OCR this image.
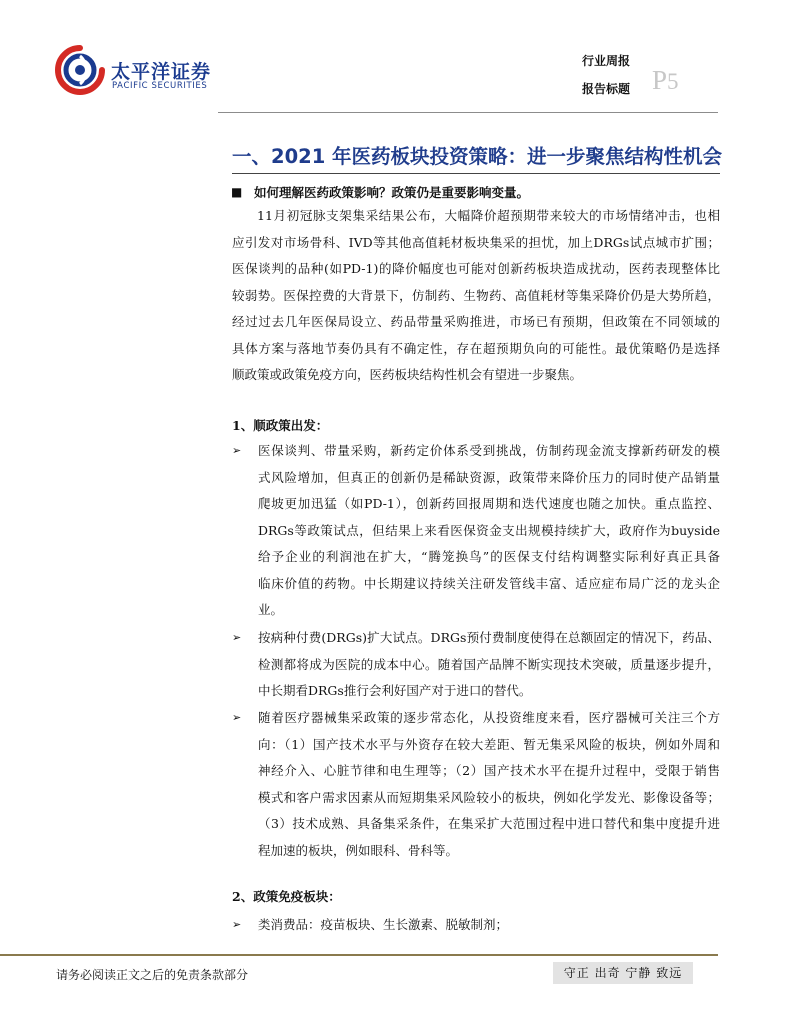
太平洋证券
PACIFIC SECURITIES
行业周报
报告标题 P5
一、2021 年医药板块投资策略：进一步聚焦结构性机会
■ 如何理解医药政策影响？政策仍是重要影响变量。
11月初冠脉支架集采结果公布，大幅降价超预期带来较大的市场情绪冲击，也相
应引发对市场骨科、IVD等其他高值耗材板块集采的担忧，加上DRGs试点城市扩围；
医保谈判的品种(如PD-1)的降价幅度也可能对创新药板块造成扰动，医药表现整体比
较弱势。医保控费的大背景下，仿制药、生物药、高值耗材等集采降价仍是大势所趋，
经过过去几年医保局设立、药品带量采购推进，市场已有预期，但政策在不同领域的
具体方案与落地节奏仍具有不确定性，存在超预期负向的可能性。最优策略仍是选择
顺政策或政策免疫方向，医药板块结构性机会有望进一步聚焦。
1、顺政策出发：
➢ 医保谈判、带量采购，新药定价体系受到挑战，仿制药现金流支撑新药研发的模
式风险增加，但真正的创新仍是稀缺资源，政策带来降价压力的同时使产品销量
爬坡更加迅猛（如PD-1），创新药回报周期和迭代速度也随之加快。重点监控、
DRGs等政策试点，但结果上来看医保资金支出规模持续扩大，政府作为buyside
给予企业的利润池在扩大，“腾笼换鸟”的医保支付结构调整实际利好真正具备
临床价值的药物。中长期建议持续关注研发管线丰富、适应症布局广泛的龙头企
业。
➢ 按病种付费(DRGs)扩大试点。DRGs预付费制度使得在总额固定的情况下，药品、
检测都将成为医院的成本中心。随着国产品牌不断实现技术突破，质量逐步提升，
中长期看DRGs推行会利好国产对于进口的替代。
➢ 随着医疗器械集采政策的逐步常态化，从投资维度来看，医疗器械可关注三个方
向：（1）国产技术水平与外资存在较大差距、暂无集采风险的板块，例如外周和
神经介入、心脏节律和电生理等；（2）国产技术水平在提升过程中，受限于销售
模式和客户需求因素从而短期集采风险较小的板块，例如化学发光、影像设备等；
（3）技术成熟、具备集采条件，在集采扩大范围过程中进口替代和集中度提升进
程加速的板块，例如眼科、骨科等。
2、政策免疫板块：
➢ 类消费品：疫苗板块、生长激素、脱敏制剂；
请务必阅读正文之后的免责条款部分	守正 出奇 宁静 致远
